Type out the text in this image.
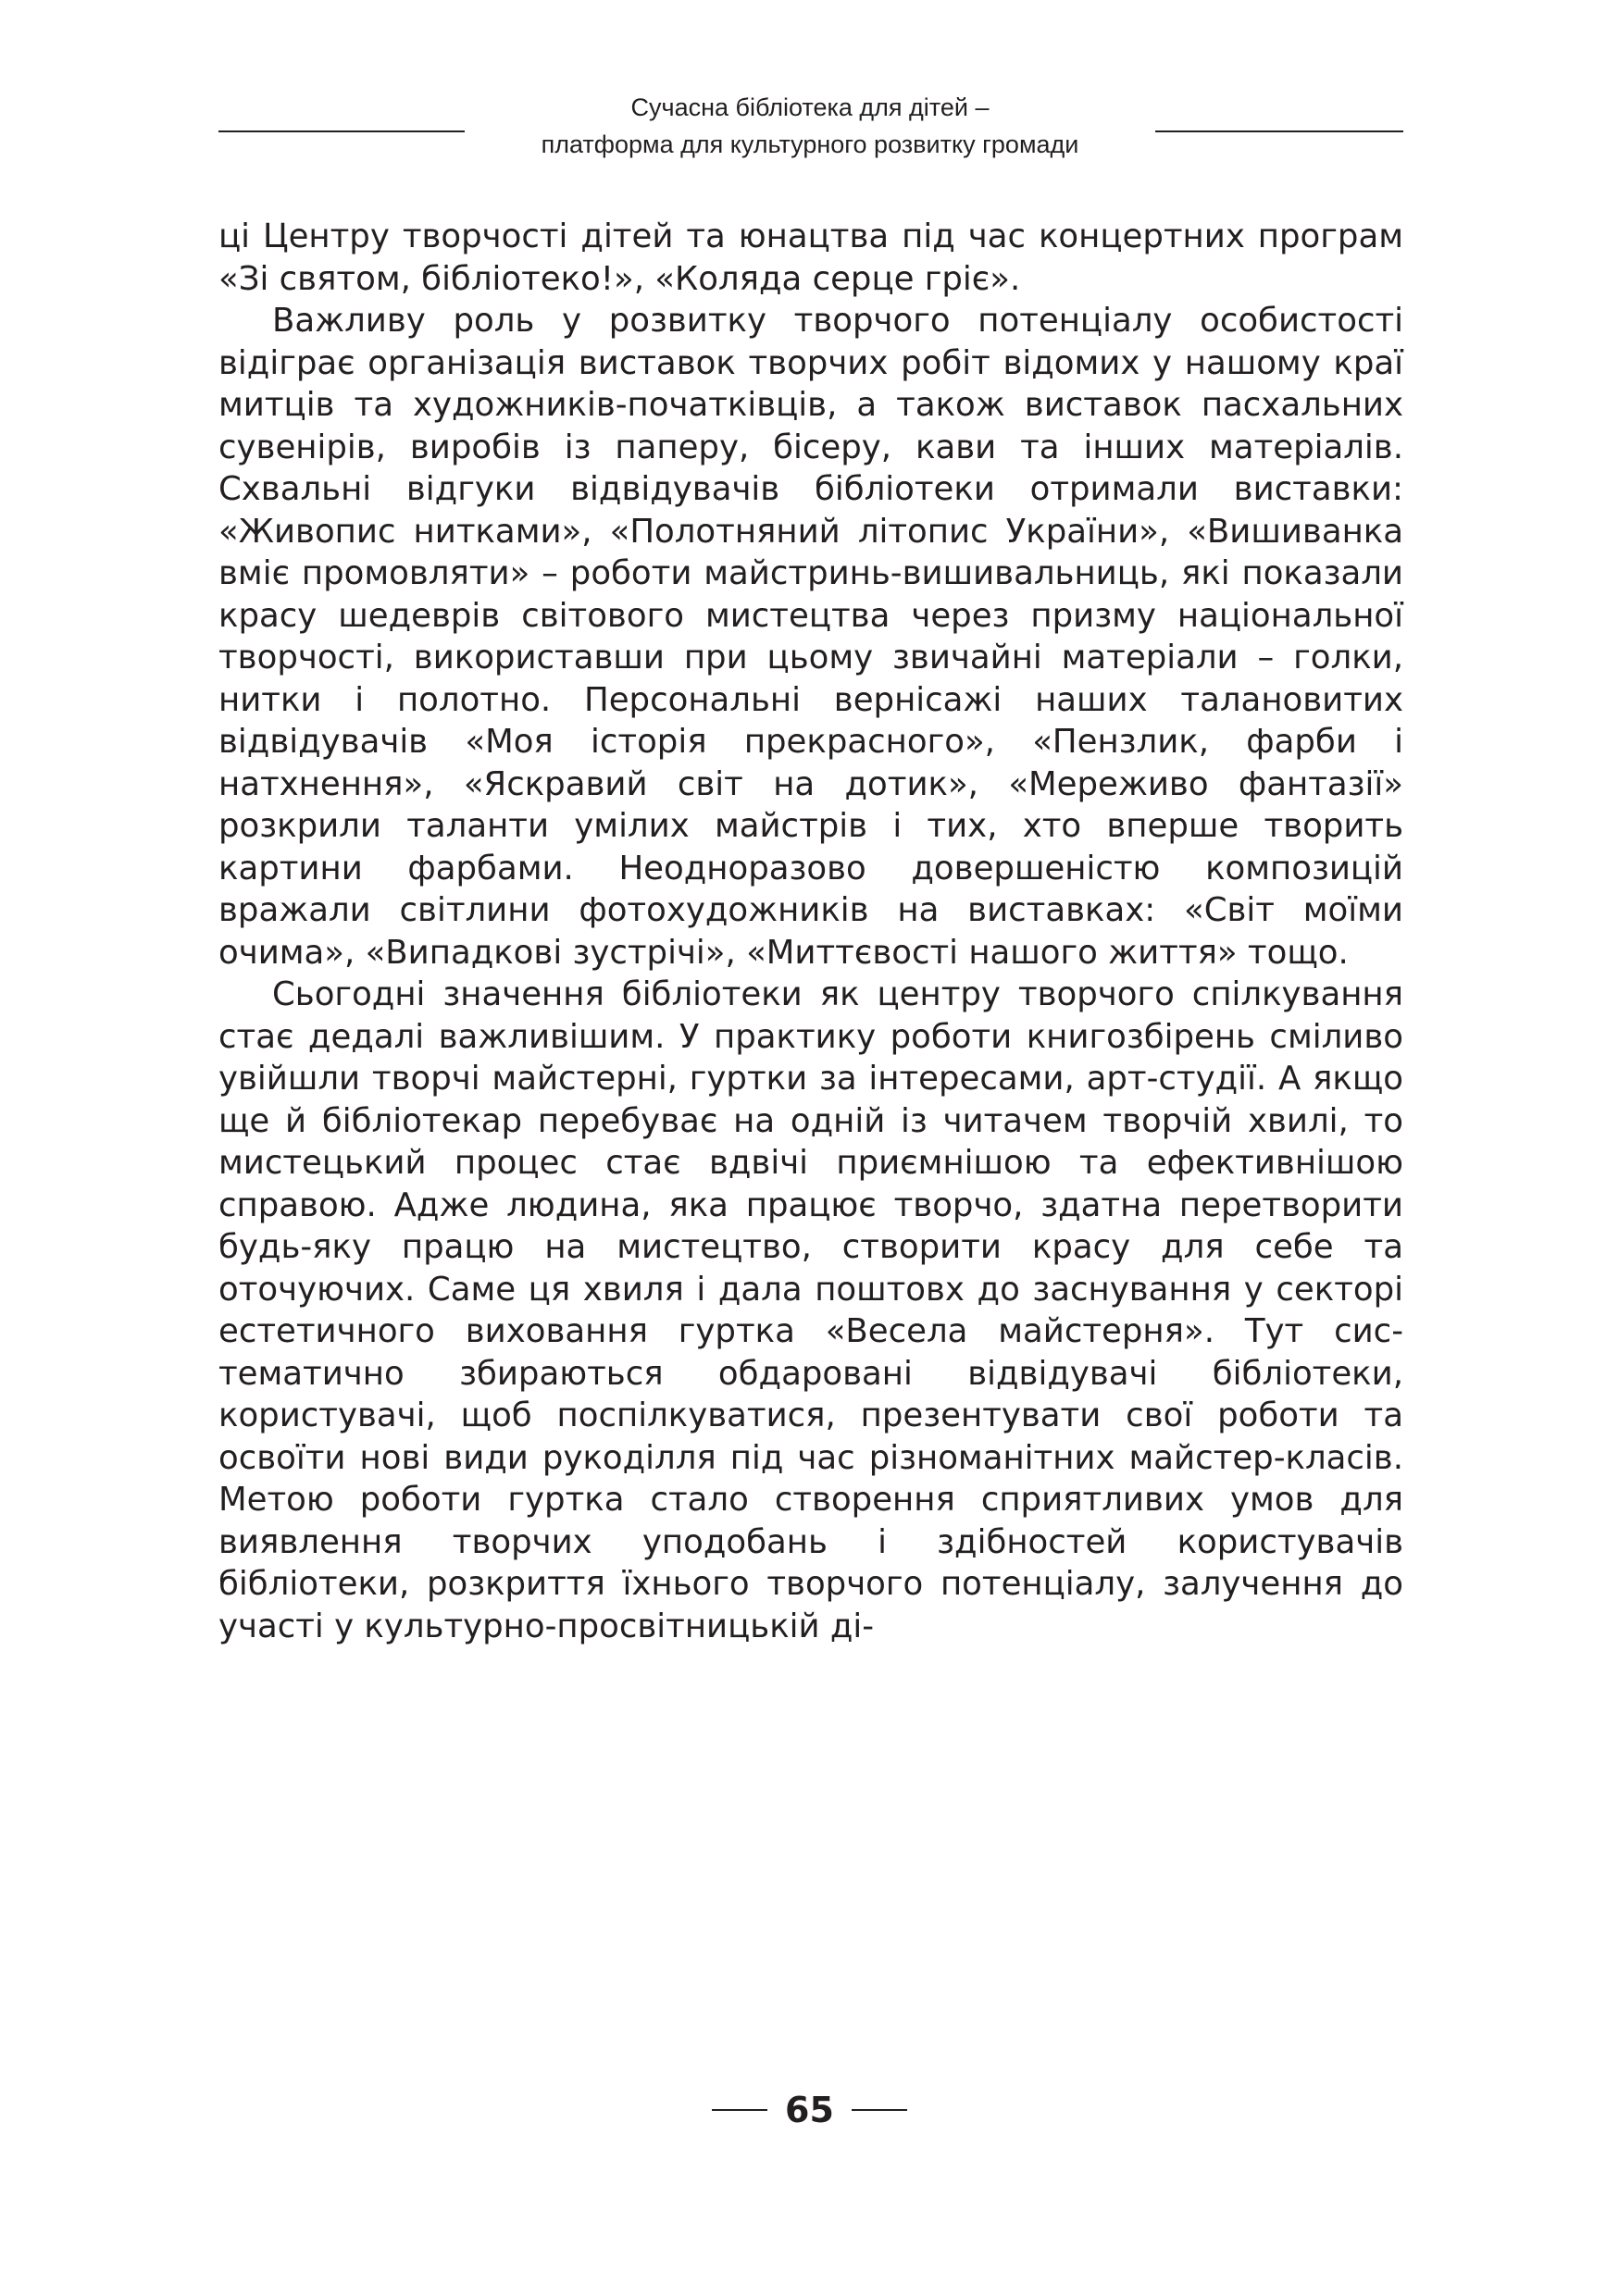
Сучасна бібліотека для дітей –
платформа для культурного розвитку громади

ці Центру творчості дітей та юнацтва під час концертних програм «Зі святом, бібліотеко!», «Коляда серце гріє».

Важливу роль у розвитку творчого потенціалу особистості відіграє організація виставок творчих робіт відомих у нашому краї митців та художників-початківців, а також виставок пасхальних сувенірів, виробів із паперу, бісеру, кави та інших матеріалів. Схвальні відгуки відвідувачів бібліотеки отримали виставки: «Живопис нитками», «Полотняний літопис України», «Вишиванка вміє промовляти» – роботи майстринь-вишивальниць, які показали красу шедеврів світового мистецтва через призму національної творчості, використавши при цьому звичайні матеріали – голки, нитки і полотно. Персональні вернісажі наших талановитих відвідувачів «Моя історія прекрасного», «Пензлик, фарби і натхнення», «Яскравий світ на дотик», «Мереживо фантазії» розкрили таланти умілих майстрів і тих, хто вперше творить картини фарбами. Неодноразово довершеністю композицій вражали світлини фотохудожників на виставках: «Світ моїми очима», «Випадкові зустрічі», «Миттєвості нашого життя» тощо.

Сьогодні значення бібліотеки як центру творчого спілкування стає дедалі важливішим. У практику роботи книгозбірень сміливо увійшли творчі майстерні, гуртки за інтересами, арт-студії. А якщо ще й бібліотекар перебуває на одній із читачем творчій хвилі, то мистецький процес стає вдвічі приємнішою та ефективнішою справою. Адже людина, яка працює творчо, здатна перетворити будь-яку працю на мистецтво, створити красу для себе та оточуючих. Саме ця хвиля і дала поштовх до заснування у секторі естетичного виховання гуртка «Весела майстерня». Тут систематично збираються обдаровані відвідувачі бібліотеки, користувачі, щоб поспілкуватися, презентувати свої роботи та освоїти нові види рукоділля під час різноманітних майстер-класів. Метою роботи гуртка стало створення сприятливих умов для виявлення творчих уподобань і здібностей користувачів бібліотеки, розкриття їхнього творчого потенціалу, залучення до участі у культурно-просвітницькій ді-

65
